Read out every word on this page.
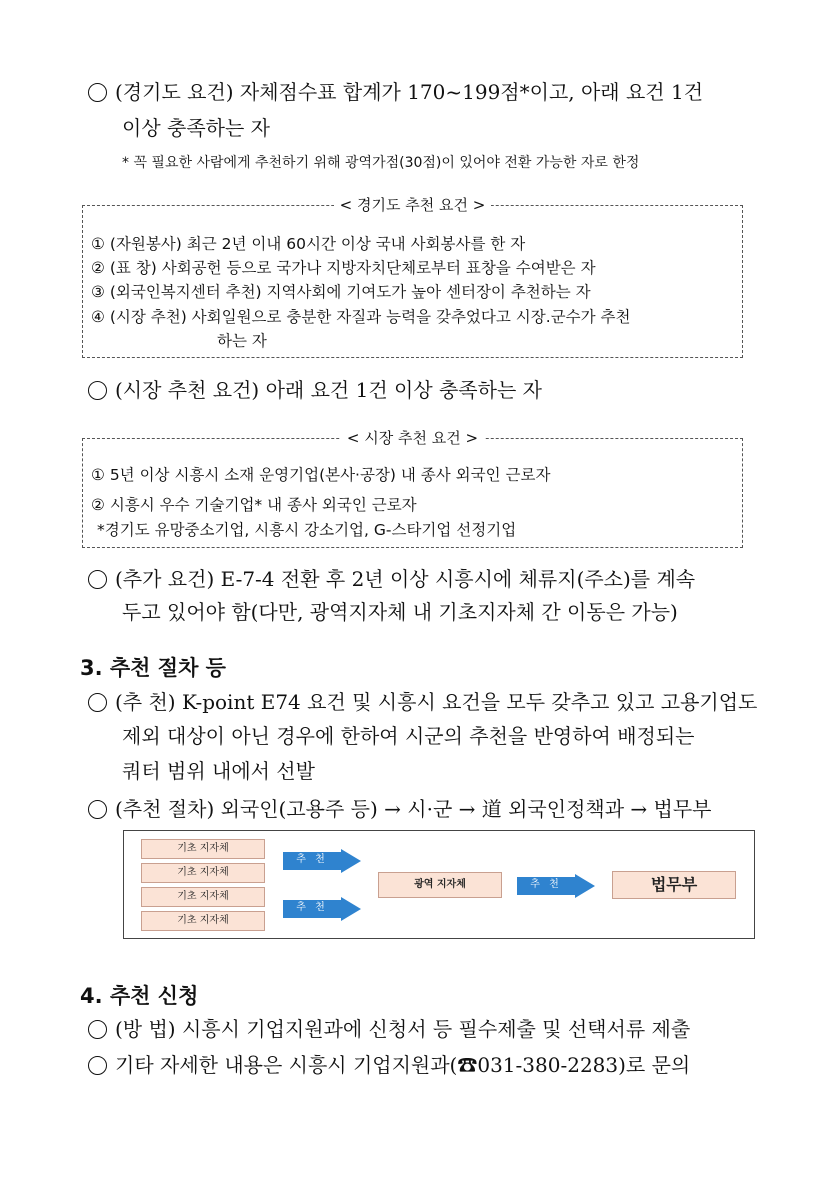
(경기도 요건) 자체점수표 합계가 170~199점*이고, 아래 요건 1건
이상 충족하는 자
* 꼭 필요한 사람에게 추천하기 위해 광역가점(30점)이 있어야 전환 가능한 자로 한정
< 경기도 추천 요건 >
① (자원봉사) 최근 2년 이내 60시간 이상 국내 사회봉사를 한 자
② (표 창) 사회공헌 등으로 국가나 지방자치단체로부터 표창을 수여받은 자
③ (외국인복지센터 추천) 지역사회에 기여도가 높아 센터장이 추천하는 자
④ (시장 추천) 사회일원으로 충분한 자질과 능력을 갖추었다고 시장.군수가 추천
하는 자
(시장 추천 요건) 아래 요건 1건 이상 충족하는 자
< 시장 추천 요건 >
① 5년 이상 시흥시 소재 운영기업(본사·공장) 내 종사 외국인 근로자
② 시흥시 우수 기술기업* 내 종사 외국인 근로자
*경기도 유망중소기업, 시흥시 강소기업, G-스타기업 선정기업
(추가 요건) E-7-4 전환 후 2년 이상 시흥시에 체류지(주소)를 계속
두고 있어야 함(다만, 광역지자체 내 기초지자체 간 이동은 가능)
3. 추천 절차 등
(추 천) K-point E74 요건 및 시흥시 요건을 모두 갖추고 있고 고용기업도
제외 대상이 아닌 경우에 한하여 시군의 추천을 반영하여 배정되는
쿼터 범위 내에서 선발
(추천 절차) 외국인(고용주 등) → 시·군 → 道 외국인정책과 → 법무부
기초 지자체
기초 지자체
기초 지자체
기초 지자체
추 천
추 천
광역 지자체	추 천	법무부
4. 추천 신청
(방 법) 시흥시 기업지원과에 신청서 등 필수제출 및 선택서류 제출
기타 자세한 내용은 시흥시 기업지원과(☎031-380-2283)로 문의
